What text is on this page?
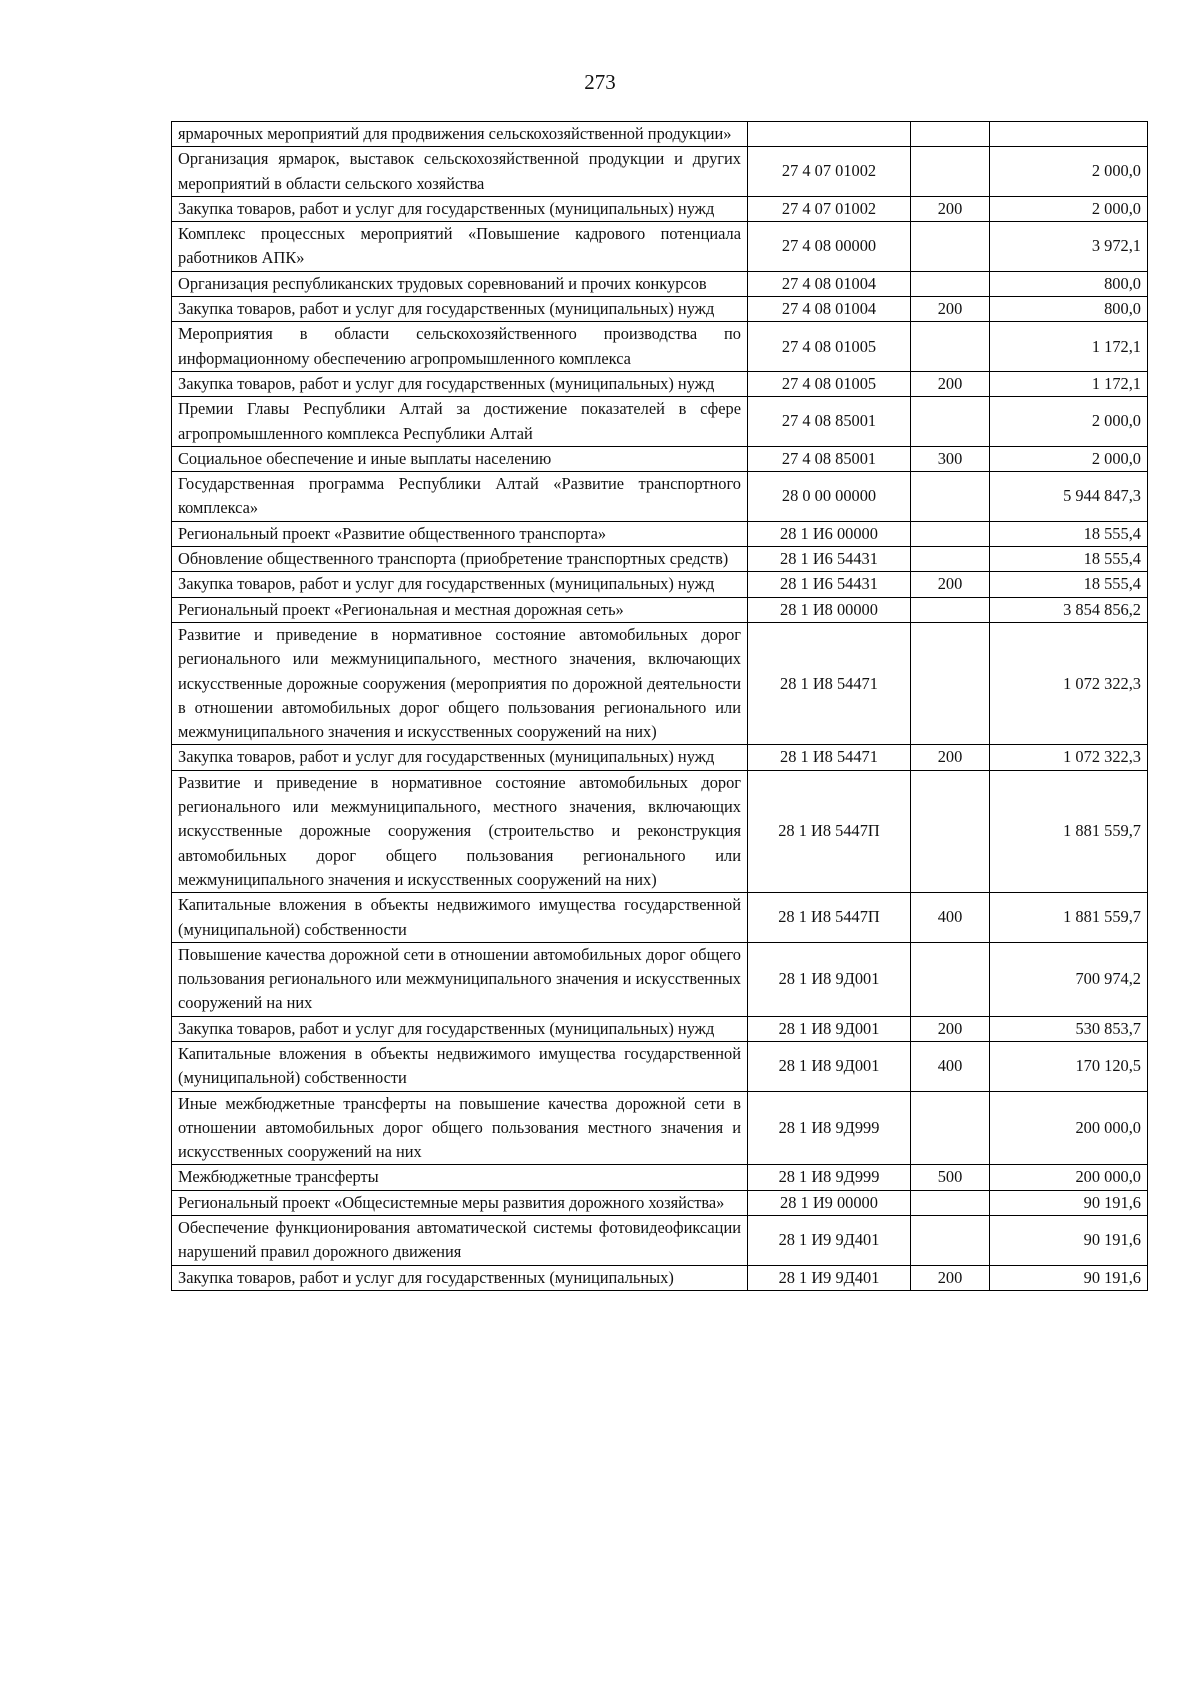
273
ярмарочных мероприятий для продвижения сельскохозяйственной продукции»			
Организация ярмарок, выставок сельскохозяйственной продукции и других мероприятий в области сельского хозяйства	27 4 07 01002		2 000,0
Закупка товаров, работ и услуг для государственных (муниципальных) нужд	27 4 07 01002	200	2 000,0
Комплекс процессных мероприятий «Повышение кадрового потенциала работников АПК»	27 4 08 00000		3 972,1
Организация республиканских трудовых соревнований и прочих конкурсов	27 4 08 01004		800,0
Закупка товаров, работ и услуг для государственных (муниципальных) нужд	27 4 08 01004	200	800,0
Мероприятия в области сельскохозяйственного производства по информационному обеспечению агропромышленного комплекса	27 4 08 01005		1 172,1
Закупка товаров, работ и услуг для государственных (муниципальных) нужд	27 4 08 01005	200	1 172,1
Премии Главы Республики Алтай за достижение показателей в сфере агропромышленного комплекса Республики Алтай	27 4 08 85001		2 000,0
Социальное обеспечение и иные выплаты населению	27 4 08 85001	300	2 000,0
Государственная программа Республики Алтай «Развитие транспортного комплекса»	28 0 00 00000		5 944 847,3
Региональный проект «Развитие общественного транспорта»	28 1 И6 00000		18 555,4
Обновление общественного транспорта (приобретение транспортных средств)	28 1 И6 54431		18 555,4
Закупка товаров, работ и услуг для государственных (муниципальных) нужд	28 1 И6 54431	200	18 555,4
Региональный проект «Региональная и местная дорожная сеть»	28 1 И8 00000		3 854 856,2
Развитие и приведение в нормативное состояние автомобильных дорог регионального или межмуниципального, местного значения, включающих искусственные дорожные сооружения (мероприятия по дорожной деятельности в отношении автомобильных дорог общего пользования регионального или межмуниципального значения и искусственных сооружений на них)	28 1 И8 54471		1 072 322,3
Закупка товаров, работ и услуг для государственных (муниципальных) нужд	28 1 И8 54471	200	1 072 322,3
Развитие и приведение в нормативное состояние автомобильных дорог регионального или межмуниципального, местного значения, включающих искусственные дорожные сооружения (строительство и реконструкция автомобильных дорог общего пользования регионального или межмуниципального значения и искусственных сооружений на них)	28 1 И8 5447П		1 881 559,7
Капитальные вложения в объекты недвижимого имущества государственной (муниципальной) собственности	28 1 И8 5447П	400	1 881 559,7
Повышение качества дорожной сети в отношении автомобильных дорог общего пользования регионального или межмуниципального значения и искусственных сооружений на них	28 1 И8 9Д001		700 974,2
Закупка товаров, работ и услуг для государственных (муниципальных) нужд	28 1 И8 9Д001	200	530 853,7
Капитальные вложения в объекты недвижимого имущества государственной (муниципальной) собственности	28 1 И8 9Д001	400	170 120,5
Иные межбюджетные трансферты на повышение качества дорожной сети в отношении автомобильных дорог общего пользования местного значения и искусственных сооружений на них	28 1 И8 9Д999		200 000,0
Межбюджетные трансферты	28 1 И8 9Д999	500	200 000,0
Региональный проект «Общесистемные меры развития дорожного хозяйства»	28 1 И9 00000		90 191,6
Обеспечение функционирования автоматической системы фотовидеофиксации нарушений правил дорожного движения	28 1 И9 9Д401		90 191,6
Закупка товаров, работ и услуг для государственных (муниципальных)	28 1 И9 9Д401	200	90 191,6
